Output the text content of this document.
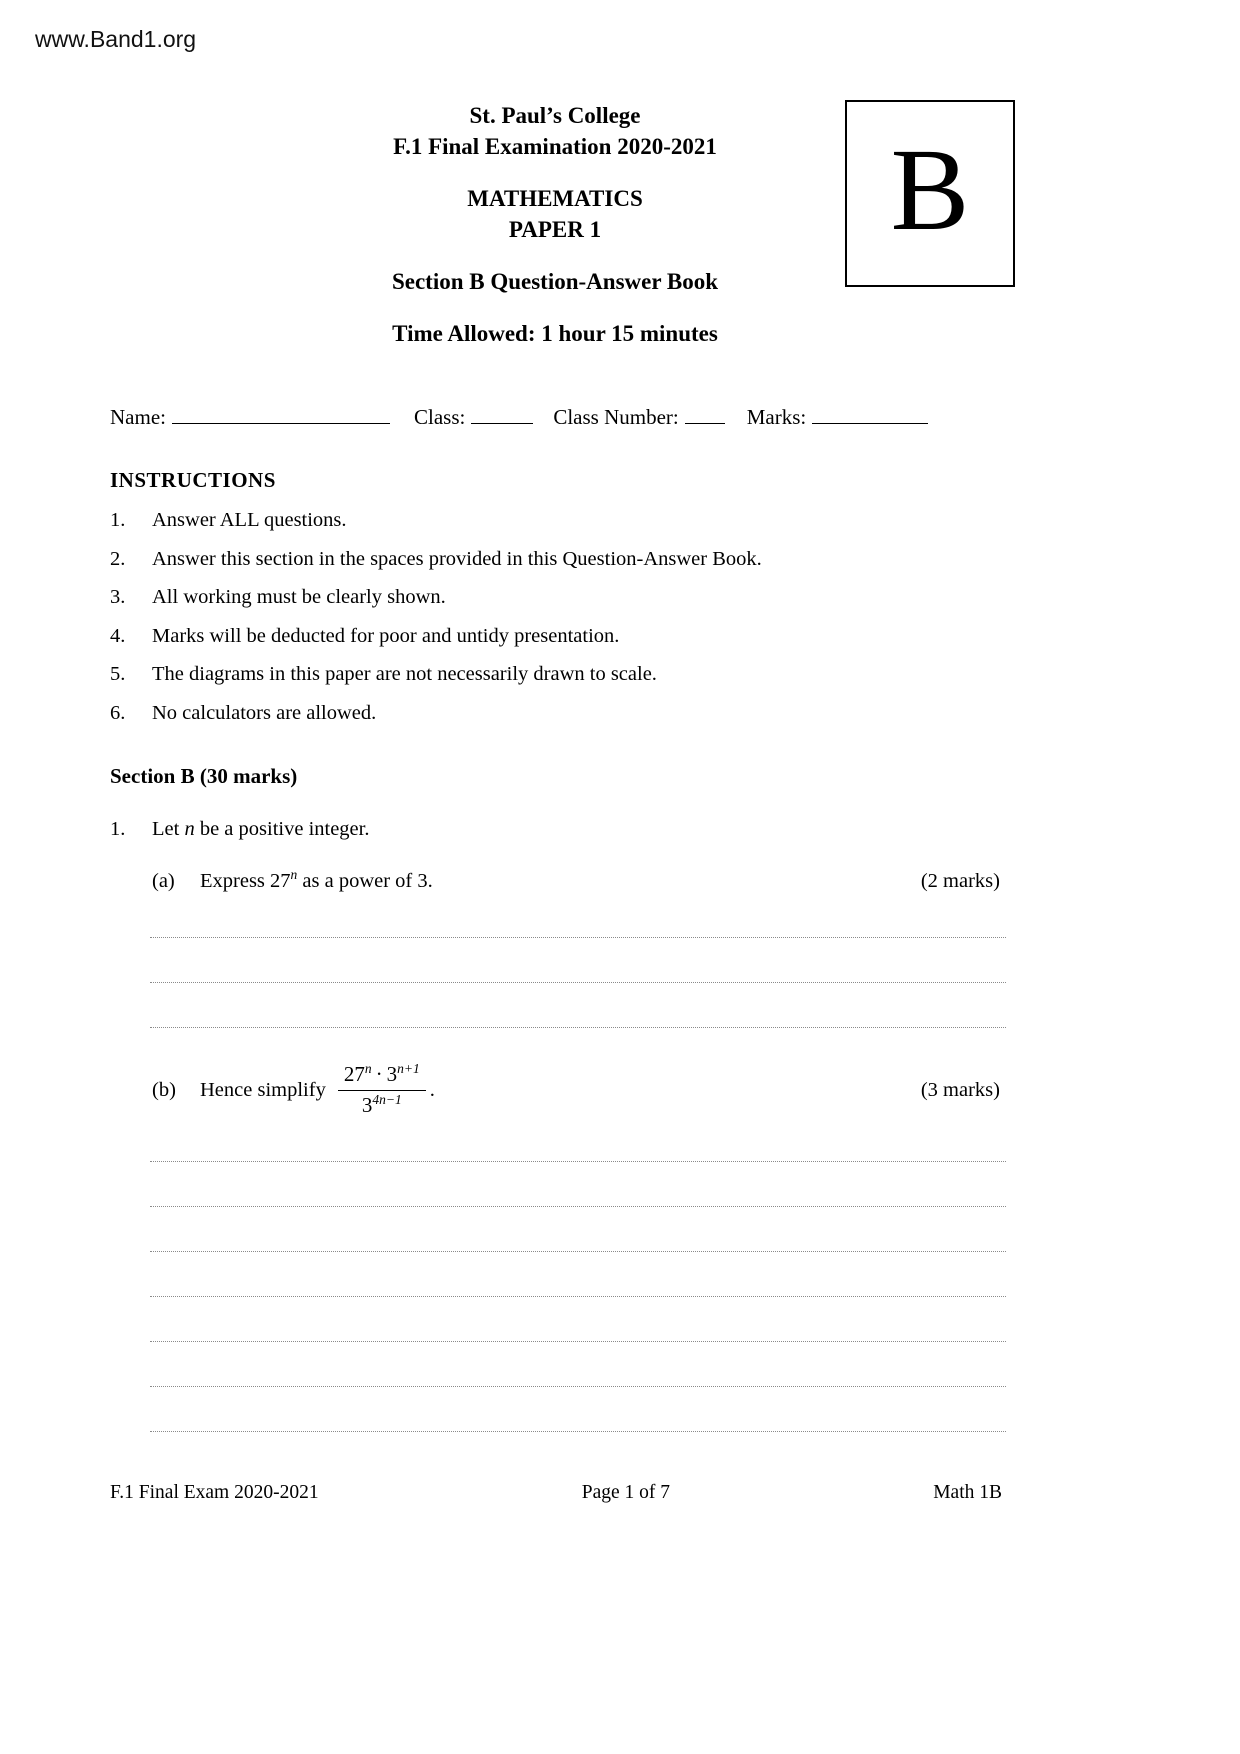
www.Band1.org
St. Paul’s College
F.1 Final Examination 2020-2021
MATHEMATICS
PAPER 1
Section B Question-Answer Book
Time Allowed: 1 hour 15 minutes
B
Name:	Class:	Class Number:	Marks:
INSTRUCTIONS
1.	Answer ALL questions.
2.	Answer this section in the spaces provided in this Question-Answer Book.
3.	All working must be clearly shown.
4.	Marks will be deducted for poor and untidy presentation.
5.	The diagrams in this paper are not necessarily drawn to scale.
6.	No calculators are allowed.
Section B (30 marks)
1.	Let n be a positive integer.
(a)	Express 27$^n$ as a power of 3.	(2 marks)
(b)	Hence simplify $\frac{27^n \cdot 3^{n+1}}{3^{4n-1}}$ .	(3 marks)
F.1 Final Exam 2020-2021	Page 1 of 7	Math 1B
